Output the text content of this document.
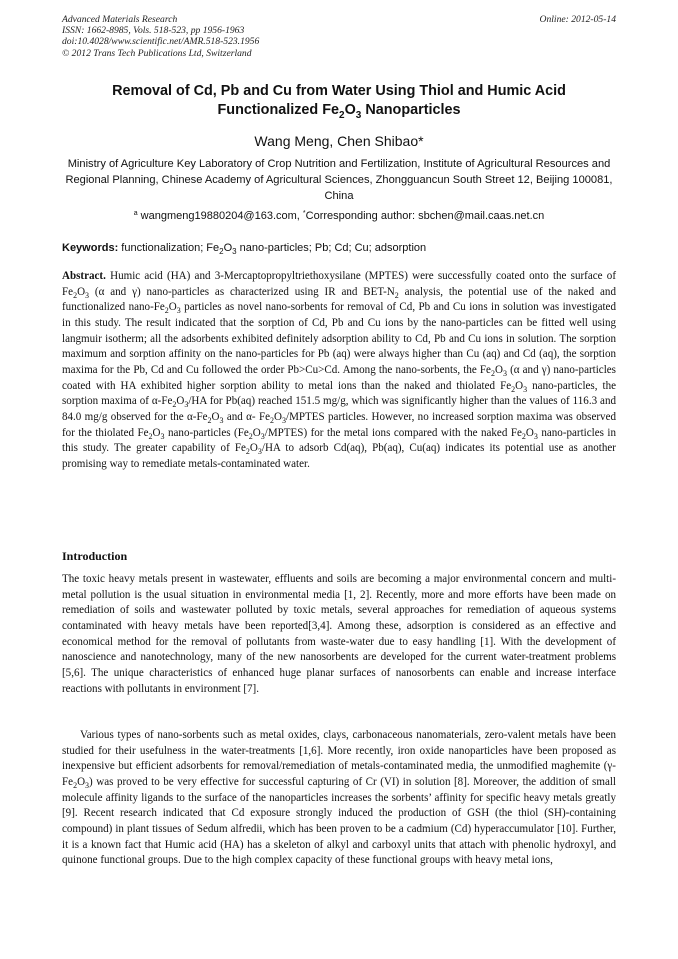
Advanced Materials Research
ISSN: 1662-8985, Vols. 518-523, pp 1956-1963
doi:10.4028/www.scientific.net/AMR.518-523.1956
© 2012 Trans Tech Publications Ltd, Switzerland
Online: 2012-05-14
Removal of Cd, Pb and Cu from Water Using Thiol and Humic Acid
Functionalized $Fe_2O_3$ Nanoparticles
Wang Meng, Chen Shibao*
Ministry of Agriculture Key Laboratory of Crop Nutrition and Fertilization, Institute of Agricultural Resources and Regional Planning, Chinese Academy of Agricultural Sciences, Zhongguancun South Street 12, Beijing 100081, China
$^a$ wangmeng19880204@163.com, *Corresponding author: sbchen@mail.caas.net.cn
Keywords: functionalization; $Fe_2O_3$ nano-particles; Pb; Cd; Cu; adsorption
Abstract. Humic acid (HA) and 3-Mercaptopropyltriethoxysilane (MPTES) were successfully coated onto the surface of $Fe_2O_3$ (α and γ) nano-particles as characterized using IR and BET-$N_2$ analysis, the potential use of the naked and functionalized nano-$Fe_2O_3$ particles as novel nano-sorbents for removal of Cd, Pb and Cu ions in solution was investigated in this study. The result indicated that the sorption of Cd, Pb and Cu ions by the nano-particles can be fitted well using langmuir isotherm; all the adsorbents exhibited definitely adsorption ability to Cd, Pb and Cu ions in solution. The sorption maximum and sorption affinity on the nano-particles for Pb (aq) were always higher than Cu (aq) and Cd (aq), the sorption maxima for the Pb, Cd and Cu followed the order Pb>Cu>Cd. Among the nano-sorbents, the $Fe_2O_3$ (α and γ) nano-particles coated with HA exhibited higher sorption ability to metal ions than the naked and thiolated $Fe_2O_3$ nano-particles, the sorption maxima of $\alpha-Fe_2O_3/HA$ for Pb(aq) reached 151.5 mg/g, which was significantly higher than the values of 116.3 and 84.0 mg/g observed for the $\alpha-Fe_2O_3$ and α- $Fe_2O_3$/MPTES particles. However, no increased sorption maxima was observed for the thiolated $Fe_2O_3$ nano-particles $(Fe_2O_3/MPTES)$ for the metal ions compared with the naked $Fe_2O_3$ nano-particles in this study. The greater capability of $Fe_2O_3/HA$ to adsorb Cd(aq), Pb(aq), Cu(aq) indicates its potential use as another promising way to remediate metals-contaminated water.
Introduction
The toxic heavy metals present in wastewater, effluents and soils are becoming a major environmental concern and multi-metal pollution is the usual situation in environmental media [1, 2]. Recently, more and more efforts have been made on remediation of soils and wastewater polluted by toxic metals, several approaches for remediation of aqueous systems contaminated with heavy metals have been reported[3,4]. Among these, adsorption is considered as an effective and economical method for the removal of pollutants from waste-water due to easy handling [1]. With the development of nanoscience and nanotechnology, many of the new nanosorbents are developed for the current water-treatment problems [5,6]. The unique characteristics of enhanced huge planar surfaces of nanosorbents can enable and increase interface reactions with pollutants in environment [7].
Various types of nano-sorbents such as metal oxides, clays, carbonaceous nanomaterials, zero-valent metals have been studied for their usefulness in the water-treatments [1,6]. More recently, iron oxide nanoparticles have been proposed as inexpensive but efficient adsorbents for removal/remediation of metals-contaminated media, the unmodified maghemite (γ- $Fe_2O_3$) was proved to be very effective for successful capturing of Cr (VI) in solution [8]. Moreover, the addition of small molecule affinity ligands to the surface of the nanoparticles increases the sorbents’ affinity for specific heavy metals greatly [9]. Recent research indicated that Cd exposure strongly induced the production of GSH (the thiol (SH)-containing compound) in plant tissues of Sedum alfredii, which has been proven to be a cadmium (Cd) hyperaccumulator [10]. Further, it is a known fact that Humic acid (HA) has a skeleton of alkyl and carboxyl units that attach with phenolic hydroxyl, and quinone functional groups. Due to the high complex capacity of these functional groups with heavy metal ions,
